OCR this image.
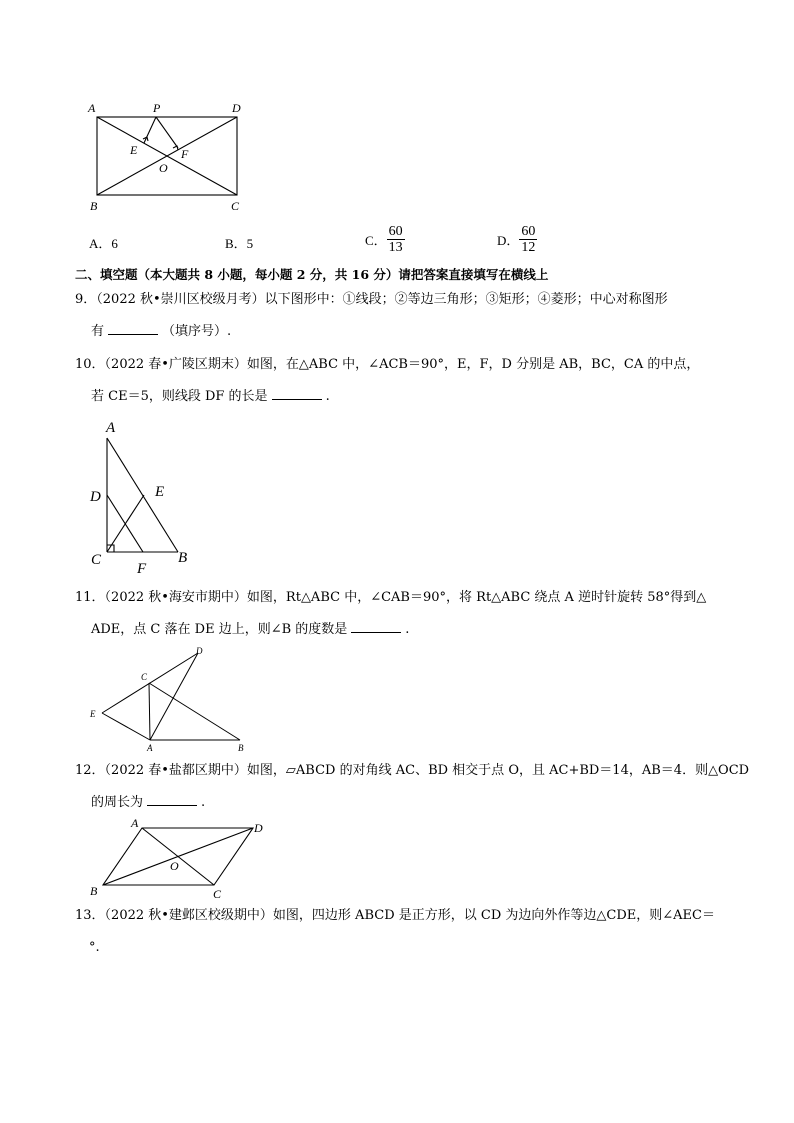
A	P	D
E	F
O
B	C
A．6	B．5	C． $\frac{60}{13}$	D． $\frac{60}{12}$
二、填空题（本大题共 8 小题，每小题 2 分，共 16 分）请把答案直接填写在横线上
9．（2022 秋•崇川区校级月考）以下图形中：①线段；②等边三角形；③矩形；④菱形；中心对称图形
有	（填序号）.
10．（2022 春•广陵区期末）如图，在△ABC 中，∠ACB＝90°，E，F，D 分别是 AB，BC，CA 的中点，
若 CE＝5，则线段 DF 的长是	.
A
D	E
C
F
B
11．（2022 秋•海安市期中）如图，Rt△ABC 中，∠CAB＝90°，将 Rt△ABC 绕点 A 逆时针旋转 58°得到△
ADE，点 C 落在 DE 边上，则∠B 的度数是	.
D
C
E
A	B
12．（2022 春•盐都区期中）如图，▱ABCD 的对角线 AC、BD 相交于点 O，且 AC+BD＝14，AB＝4．则△OCD
的周长为	.
A	D
O
B	C
13．（2022 秋•建邺区校级期中）如图，四边形 ABCD 是正方形，以 CD 为边向外作等边△CDE，则∠AEC＝
°.
